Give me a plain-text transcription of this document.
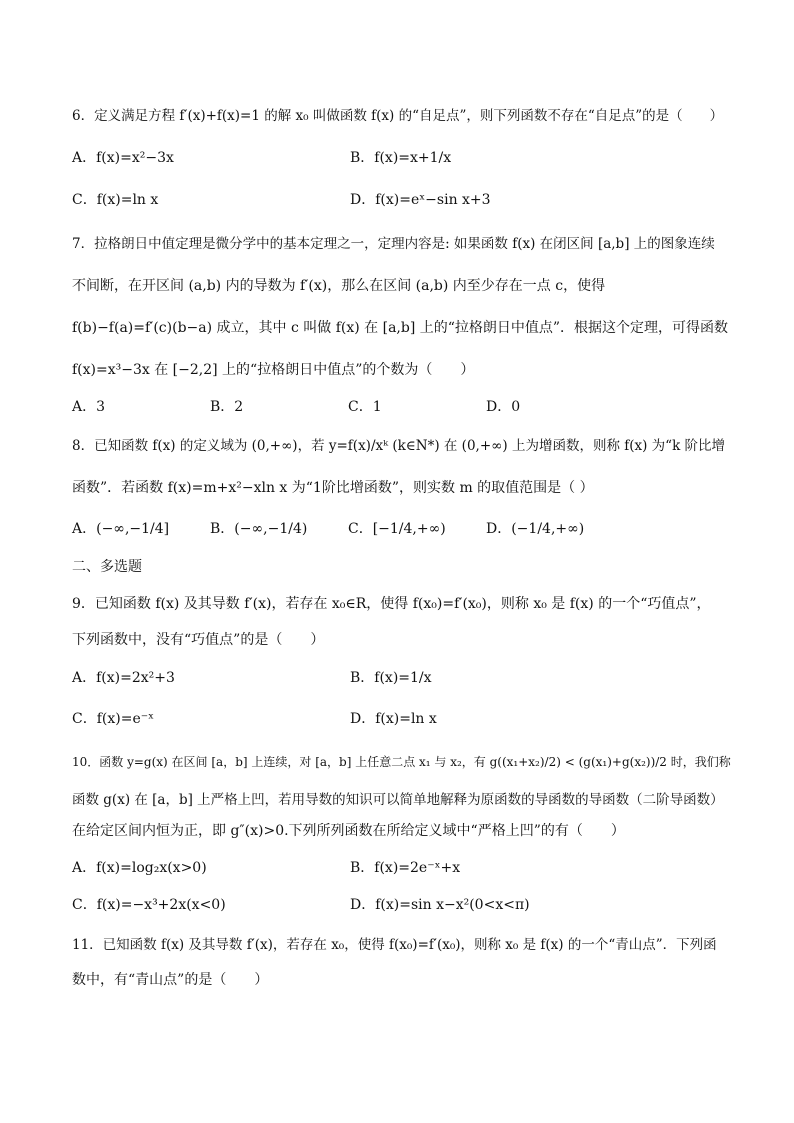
6．定义满足方程 f′(x)+f(x)=1 的解 x₀ 叫做函数 f(x) 的“自足点”，则下列函数不存在“自足点”的是（　　）
A．f(x)=x²−3x	B．f(x)=x+1/x
C．f(x)=ln x	D．f(x)=eˣ−sin x+3
7．拉格朗日中值定理是微分学中的基本定理之一，定理内容是: 如果函数 f(x) 在闭区间 [a,b] 上的图象连续
不间断，在开区间 (a,b) 内的导数为 f′(x)，那么在区间 (a,b) 内至少存在一点 c，使得
f(b)−f(a)=f′(c)(b−a) 成立，其中 c 叫做 f(x) 在 [a,b] 上的“拉格朗日中值点”．根据这个定理，可得函数
f(x)=x³−3x 在 [−2,2] 上的“拉格朗日中值点”的个数为（　　）
A．3	B．2	C．1	D．0
8．已知函数 f(x) 的定义域为 (0,+∞)，若 y=f(x)/xᵏ (k∈N*) 在 (0,+∞) 上为增函数，则称 f(x) 为“k 阶比增
函数”．若函数 f(x)=m+x²−xln x 为“1阶比增函数”，则实数 m 的取值范围是（ ）
A．(−∞,−1/4]	B．(−∞,−1/4)	C．[−1/4,+∞)	D．(−1/4,+∞)
二、多选题
9．已知函数 f(x) 及其导数 f′(x)，若存在 x₀∈R，使得 f(x₀)=f′(x₀)，则称 x₀ 是 f(x) 的一个“巧值点”，
下列函数中，没有“巧值点”的是（　　）
A．f(x)=2x²+3	B．f(x)=1/x
C．f(x)=e⁻ˣ	D．f(x)=ln x
10．函数 y=g(x) 在区间 [a，b] 上连续，对 [a，b] 上任意二点 x₁ 与 x₂，有 g((x₁+x₂)/2) < (g(x₁)+g(x₂))/2 时，我们称
函数 g(x) 在 [a，b] 上严格上凹，若用导数的知识可以简单地解释为原函数的导函数的导函数（二阶导函数）
在给定区间内恒为正，即 g″(x)>0.下列所列函数在所给定义域中“严格上凹”的有（　　）
A．f(x)=log₂x(x>0)	B．f(x)=2e⁻ˣ+x
C．f(x)=−x³+2x(x<0)	D．f(x)=sin x−x²(0<x<π)
11．已知函数 f(x) 及其导数 f′(x)，若存在 x₀，使得 f(x₀)=f′(x₀)，则称 x₀ 是 f(x) 的一个“青山点”．下列函
数中，有“青山点”的是（　　）
